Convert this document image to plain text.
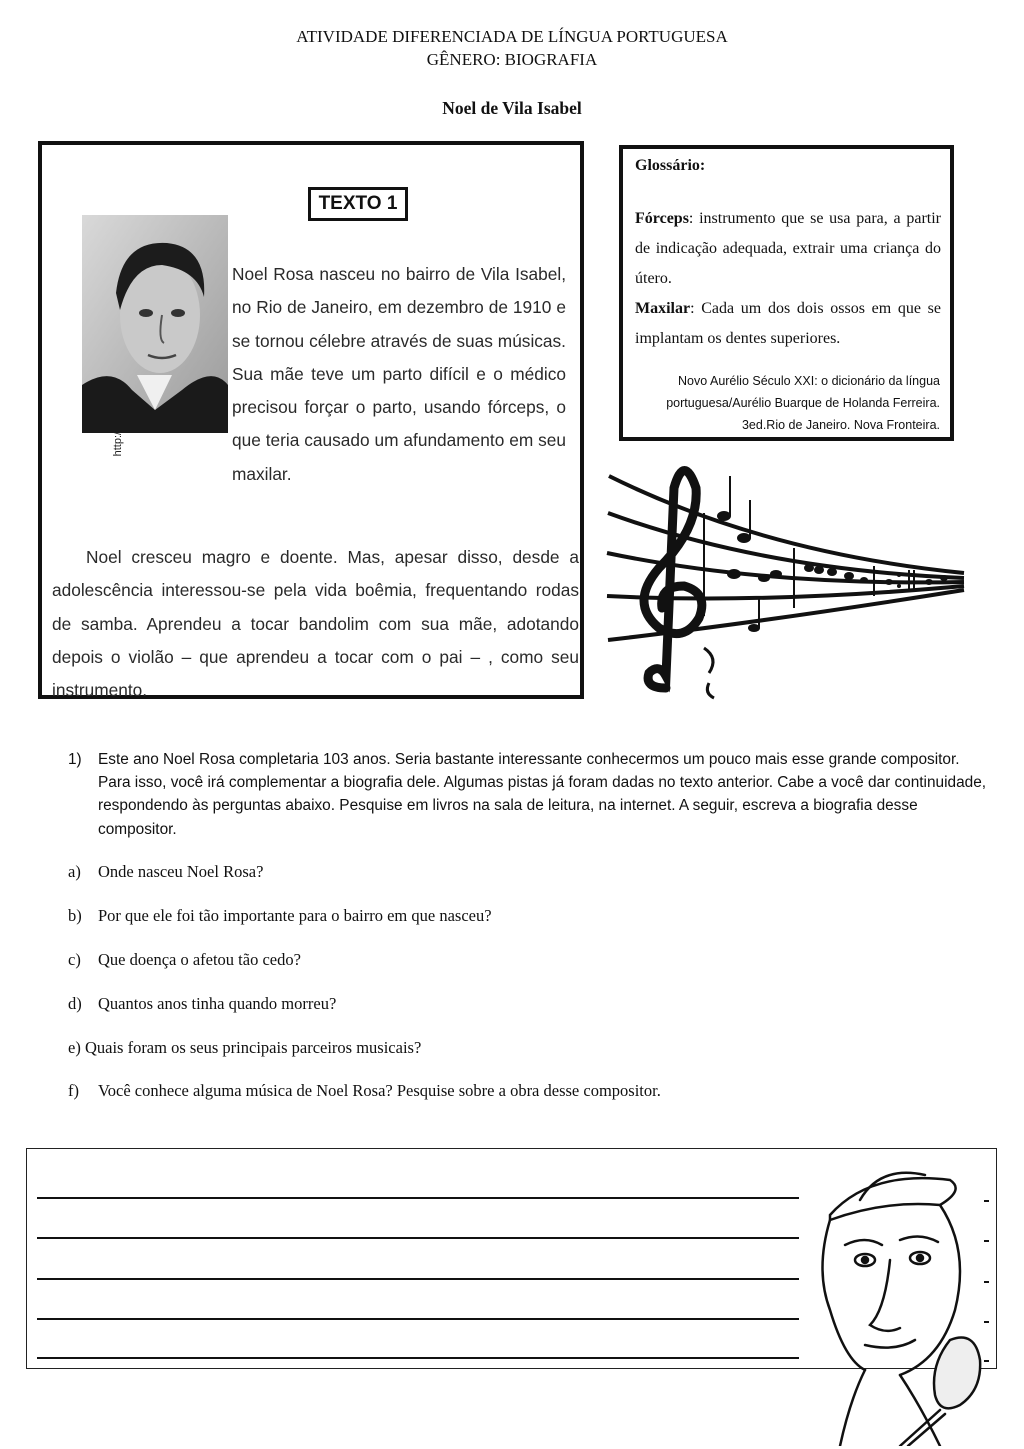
ATIVIDADE DIFERENCIADA DE LÍNGUA PORTUGUESA
GÊNERO: BIOGRAFIA
Noel de Vila Isabel
TEXTO 1
Noel Rosa nasceu no bairro de Vila Isabel, no Rio de Janeiro, em dezembro de 1910 e se tornou célebre através de suas músicas. Sua mãe teve um parto difícil e o médico precisou forçar o parto, usando fórceps, o que teria causado um afundamento em seu maxilar.
Noel cresceu magro e doente. Mas, apesar disso, desde a adolescência interessou-se pela vida boêmia, frequentando rodas de samba. Aprendeu a tocar bandolim com sua mãe, adotando depois o violão – que aprendeu a tocar com o pai – , como seu instrumento.
Glossário:
Fórceps: instrumento que se usa para, a partir de indicação adequada, extrair uma criança do útero.
Maxilar: Cada um dos dois ossos em que se implantam os dentes superiores.
Novo Aurélio Século XXI: o dicionário da língua portuguesa/Aurélio Buarque de Holanda Ferreira. 3ed.Rio de Janeiro. Nova Fronteira.
1) Este ano Noel Rosa completaria 103 anos. Seria bastante interessante conhecermos um pouco mais esse grande compositor. Para isso, você irá complementar a biografia dele. Algumas pistas já foram dadas no texto anterior. Cabe a você dar continuidade, respondendo às perguntas abaixo. Pesquise em livros na sala de leitura, na internet. A seguir, escreva a biografia desse compositor.
a) Onde nasceu Noel Rosa?
b) Por que ele foi tão importante para o bairro em que nasceu?
c) Que doença o afetou tão cedo?
d) Quantos anos tinha quando morreu?
e) Quais foram os seus principais parceiros musicais?
f) Você conhece alguma música de Noel Rosa? Pesquise sobre a obra desse compositor.
